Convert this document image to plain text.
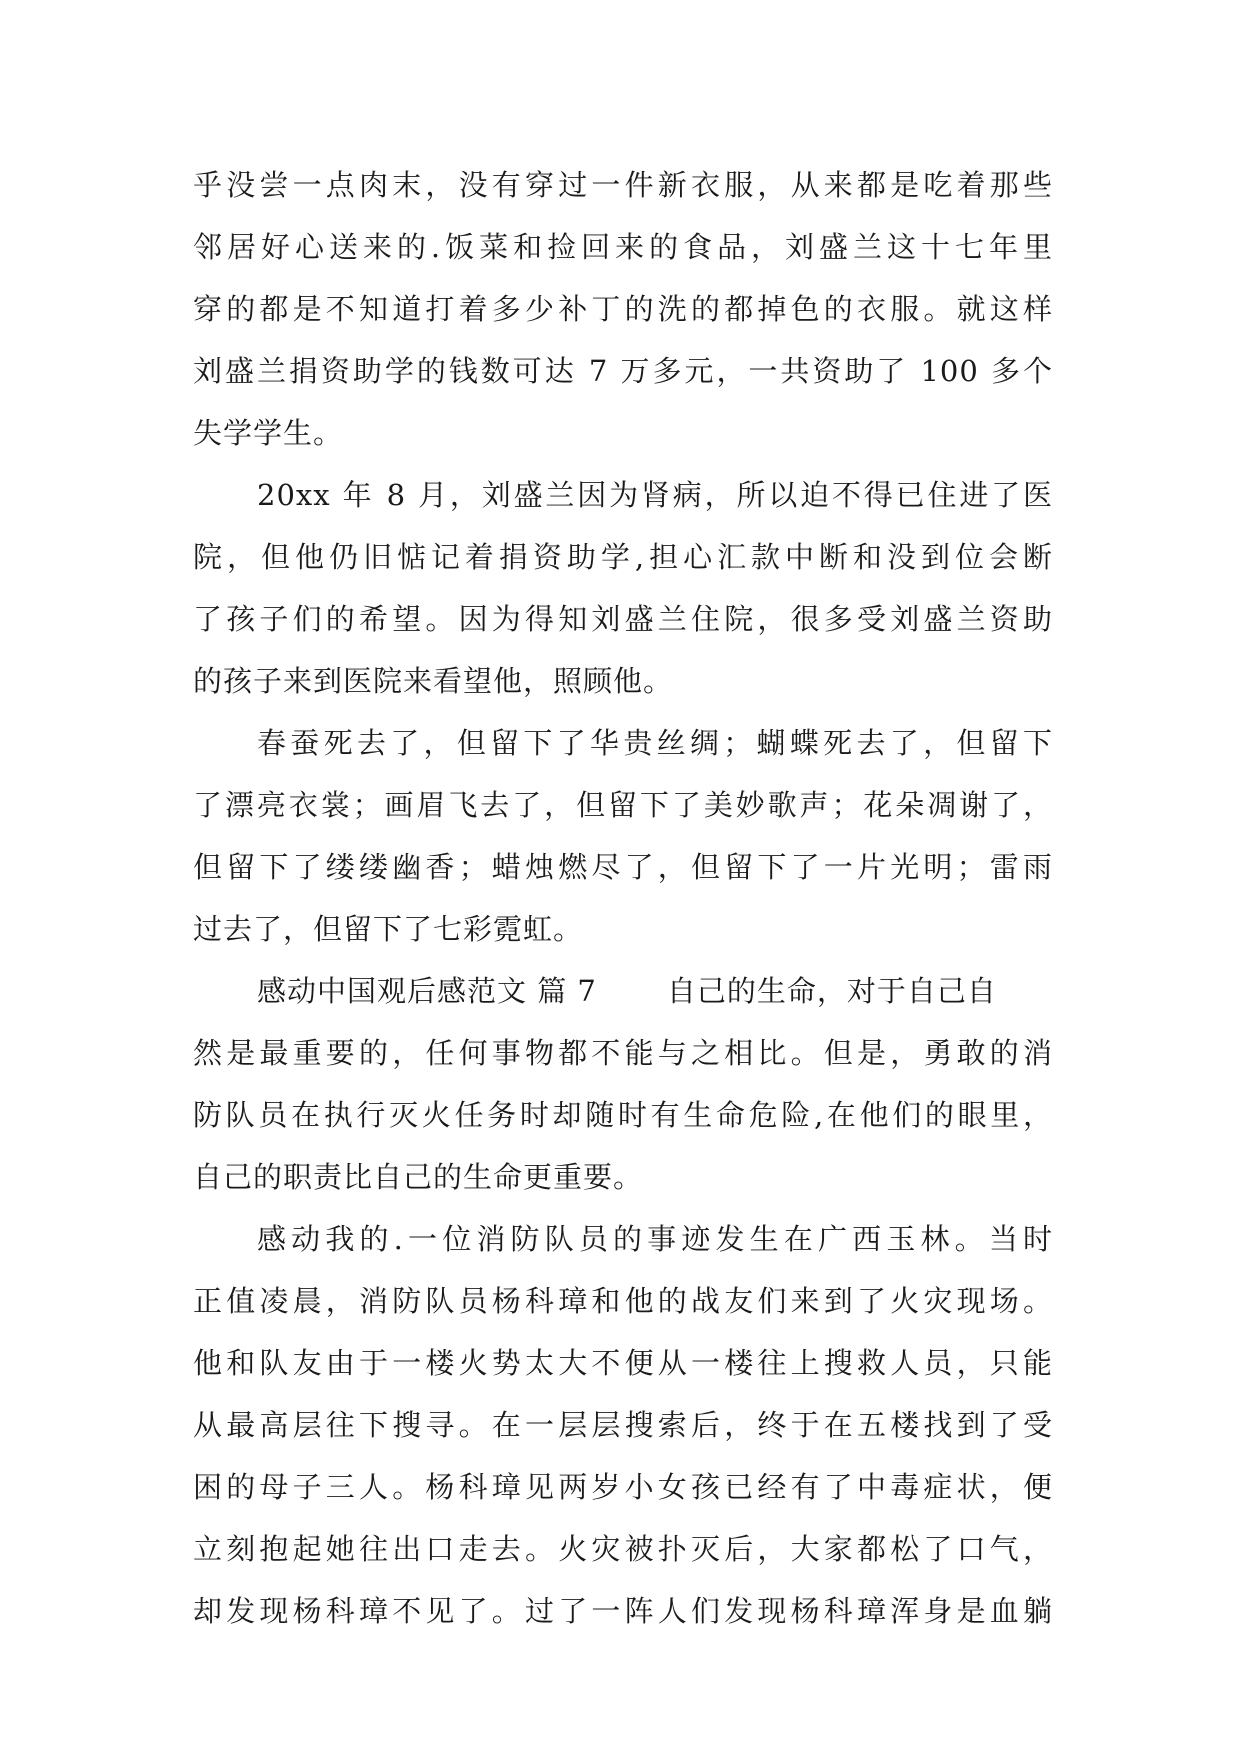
乎没尝一点肉末，没有穿过一件新衣服，从来都是吃着那些
邻居好心送来的.饭菜和捡回来的食品，刘盛兰这十七年里
穿的都是不知道打着多少补丁的洗的都掉色的衣服。就这样
刘盛兰捐资助学的钱数可达 7 万多元，一共资助了 100 多个
失学学生。
20xx 年 8 月，刘盛兰因为肾病，所以迫不得已住进了医
院，但他仍旧惦记着捐资助学,担心汇款中断和没到位会断
了孩子们的希望。因为得知刘盛兰住院，很多受刘盛兰资助
的孩子来到医院来看望他，照顾他。
春蚕死去了，但留下了华贵丝绸；蝴蝶死去了，但留下
了漂亮衣裳；画眉飞去了，但留下了美妙歌声；花朵凋谢了，
但留下了缕缕幽香；蜡烛燃尽了，但留下了一片光明；雷雨
过去了，但留下了七彩霓虹。
感动中国观后感范文 篇 7 自己的生命，对于自己自
然是最重要的，任何事物都不能与之相比。但是，勇敢的消
防队员在执行灭火任务时却随时有生命危险,在他们的眼里，
自己的职责比自己的生命更重要。
感动我的.一位消防队员的事迹发生在广西玉林。当时
正值凌晨，消防队员杨科璋和他的战友们来到了火灾现场。
他和队友由于一楼火势太大不便从一楼往上搜救人员，只能
从最高层往下搜寻。在一层层搜索后，终于在五楼找到了受
困的母子三人。杨科璋见两岁小女孩已经有了中毒症状，便
立刻抱起她往出口走去。火灾被扑灭后，大家都松了口气，
却发现杨科璋不见了。过了一阵人们发现杨科璋浑身是血躺
